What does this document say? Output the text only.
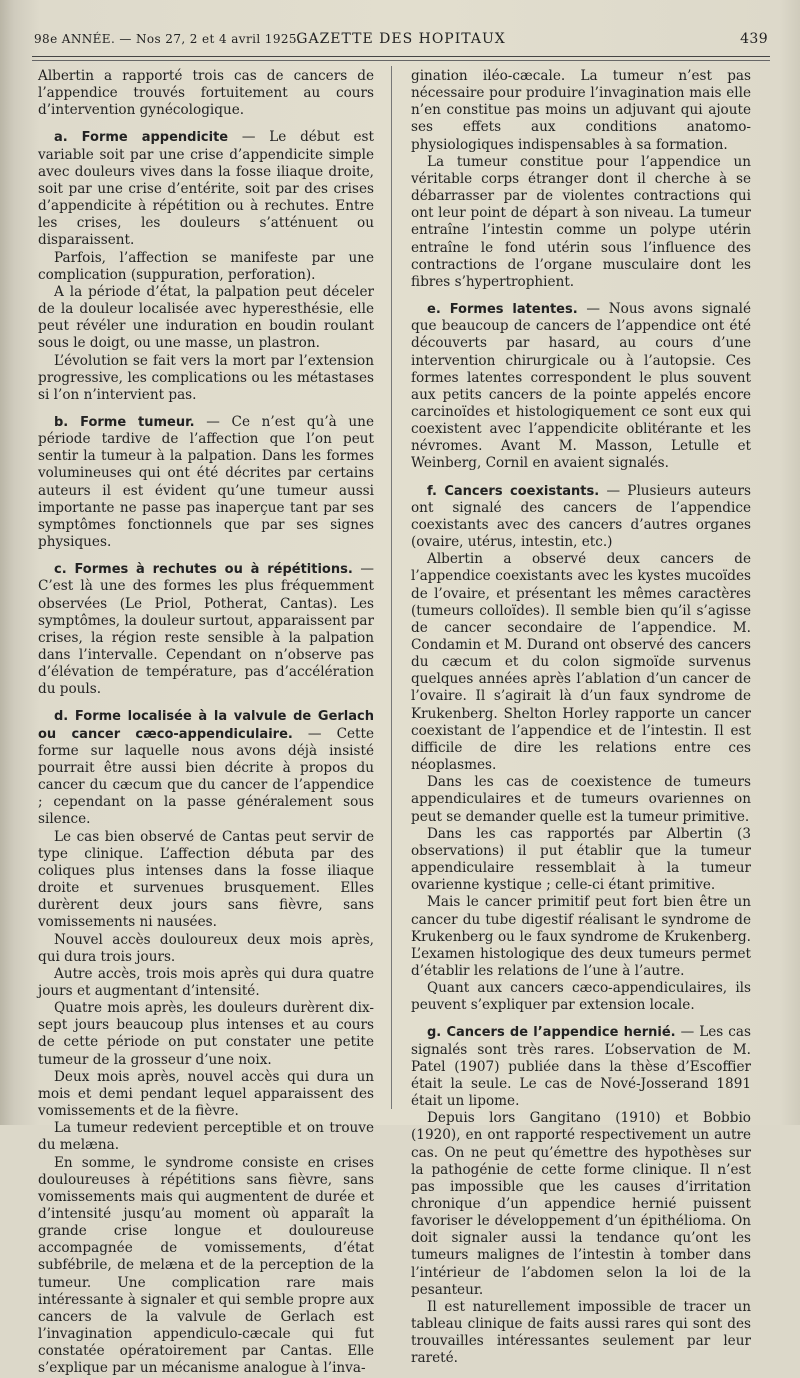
98e ANNÉE. — Nos 27, 2 et 4 avril 1925.
GAZETTE DES HOPITAUX	439

Albertin a rapporté trois cas de cancers de l’appendice trouvés fortuitement au cours d’intervention gynécologique.

a. Forme appendicite — Le début est variable soit par une crise d’appendicite simple avec douleurs vives dans la fosse iliaque droite, soit par une crise d’entérite, soit par des crises d’appendicite à répétition ou à rechutes. Entre les crises, les douleurs s’atténuent ou disparaissent.

Parfois, l’affection se manifeste par une complication (suppuration, perforation).

A la période d’état, la palpation peut déceler de la douleur localisée avec hyperesthésie, elle peut révéler une induration en boudin roulant sous le doigt, ou une masse, un plastron.

L’évolution se fait vers la mort par l’extension progressive, les complications ou les métastases si l’on n’intervient pas.

b. Forme tumeur. — Ce n’est qu’à une période tardive de l’affection que l’on peut sentir la tumeur à la palpation. Dans les formes volumineuses qui ont été décrites par certains auteurs il est évident qu’une tumeur aussi importante ne passe pas inaperçue tant par ses symptômes fonctionnels que par ses signes physiques.

c. Formes à rechutes ou à répétitions. — C’est là une des formes les plus fréquemment observées (Le Priol, Potherat, Cantas). Les symptômes, la douleur surtout, apparaissent par crises, la région reste sensible à la palpation dans l’intervalle. Cependant on n’observe pas d’élévation de température, pas d’accélération du pouls.

d. Forme localisée à la valvule de Gerlach ou cancer cæco-appendiculaire. — Cette forme sur laquelle nous avons déjà insisté pourrait être aussi bien décrite à propos du cancer du cæcum que du cancer de l’appendice ; cependant on la passe généralement sous silence.

Le cas bien observé de Cantas peut servir de type clinique. L’affection débuta par des coliques plus intenses dans la fosse iliaque droite et survenues brusquement. Elles durèrent deux jours sans fièvre, sans vomissements ni nausées.

Nouvel accès douloureux deux mois après, qui dura trois jours.

Autre accès, trois mois après qui dura quatre jours et augmentant d’intensité.

Quatre mois après, les douleurs durèrent dix-sept jours beaucoup plus intenses et au cours de cette période on put constater une petite tumeur de la grosseur d’une noix.

Deux mois après, nouvel accès qui dura un mois et demi pendant lequel apparaissent des vomissements et de la fièvre.

La tumeur redevient perceptible et on trouve du melæna.

En somme, le syndrome consiste en crises douloureuses à répétitions sans fièvre, sans vomissements mais qui augmentent de durée et d’intensité jusqu’au moment où apparaît la grande crise longue et douloureuse accompagnée de vomissements, d’état subfébrile, de melæna et de la perception de la tumeur. Une complication rare mais intéressante à signaler et qui semble propre aux cancers de la valvule de Gerlach est l’invagination appendiculo-cæcale qui fut constatée opératoirement par Cantas. Elle s’explique par un mécanisme analogue à l’inva-

gination iléo-cæcale. La tumeur n’est pas nécessaire pour produire l’invagination mais elle n’en constitue pas moins un adjuvant qui ajoute ses effets aux conditions anatomo-physiologiques indispensables à sa formation.

La tumeur constitue pour l’appendice un véritable corps étranger dont il cherche à se débarrasser par de violentes contractions qui ont leur point de départ à son niveau. La tumeur entraîne l’intestin comme un polype utérin entraîne le fond utérin sous l’influence des contractions de l’organe musculaire dont les fibres s’hypertrophient.

e. Formes latentes. — Nous avons signalé que beaucoup de cancers de l’appendice ont été découverts par hasard, au cours d’une intervention chirurgicale ou à l’autopsie. Ces formes latentes correspondent le plus souvent aux petits cancers de la pointe appelés encore carcinoïdes et histologiquement ce sont eux qui coexistent avec l’appendicite oblitérante et les névromes. Avant M. Masson, Letulle et Weinberg, Cornil en avaient signalés.

f. Cancers coexistants. — Plusieurs auteurs ont signalé des cancers de l’appendice coexistants avec des cancers d’autres organes (ovaire, utérus, intestin, etc.)

Albertin a observé deux cancers de l’appendice coexistants avec les kystes mucoïdes de l’ovaire, et présentant les mêmes caractères (tumeurs colloïdes). Il semble bien qu’il s’agisse de cancer secondaire de l’appendice. M. Condamin et M. Durand ont observé des cancers du cæcum et du colon sigmoïde survenus quelques années après l’ablation d’un cancer de l’ovaire. Il s’agirait là d’un faux syndrome de Krukenberg. Shelton Horley rapporte un cancer coexistant de l’appendice et de l’intestin. Il est difficile de dire les relations entre ces néoplasmes.

Dans les cas de coexistence de tumeurs appendiculaires et de tumeurs ovariennes on peut se demander quelle est la tumeur primitive.

Dans les cas rapportés par Albertin (3 observations) il put établir que la tumeur appendiculaire ressemblait à la tumeur ovarienne kystique ; celle-ci étant primitive.

Mais le cancer primitif peut fort bien être un cancer du tube digestif réalisant le syndrome de Krukenberg ou le faux syndrome de Krukenberg. L’examen histologique des deux tumeurs permet d’établir les relations de l’une à l’autre.

Quant aux cancers cæco-appendiculaires, ils peuvent s’expliquer par extension locale.

g. Cancers de l’appendice hernié. — Les cas signalés sont très rares. L’observation de M. Patel (1907) publiée dans la thèse d’Escoffier était la seule. Le cas de Nové-Josserand 1891 était un lipome.

Depuis lors Gangitano (1910) et Bobbio (1920), en ont rapporté respectivement un autre cas. On ne peut qu’émettre des hypothèses sur la pathogénie de cette forme clinique. Il n’est pas impossible que les causes d’irritation chronique d’un appendice hernié puissent favoriser le développement d’un épithélioma. On doit signaler aussi la tendance qu’ont les tumeurs malignes de l’intestin à tomber dans l’intérieur de l’abdomen selon la loi de la pesanteur.

Il est naturellement impossible de tracer un tableau clinique de faits aussi rares qui sont des trouvailles intéressantes seulement par leur rareté.
